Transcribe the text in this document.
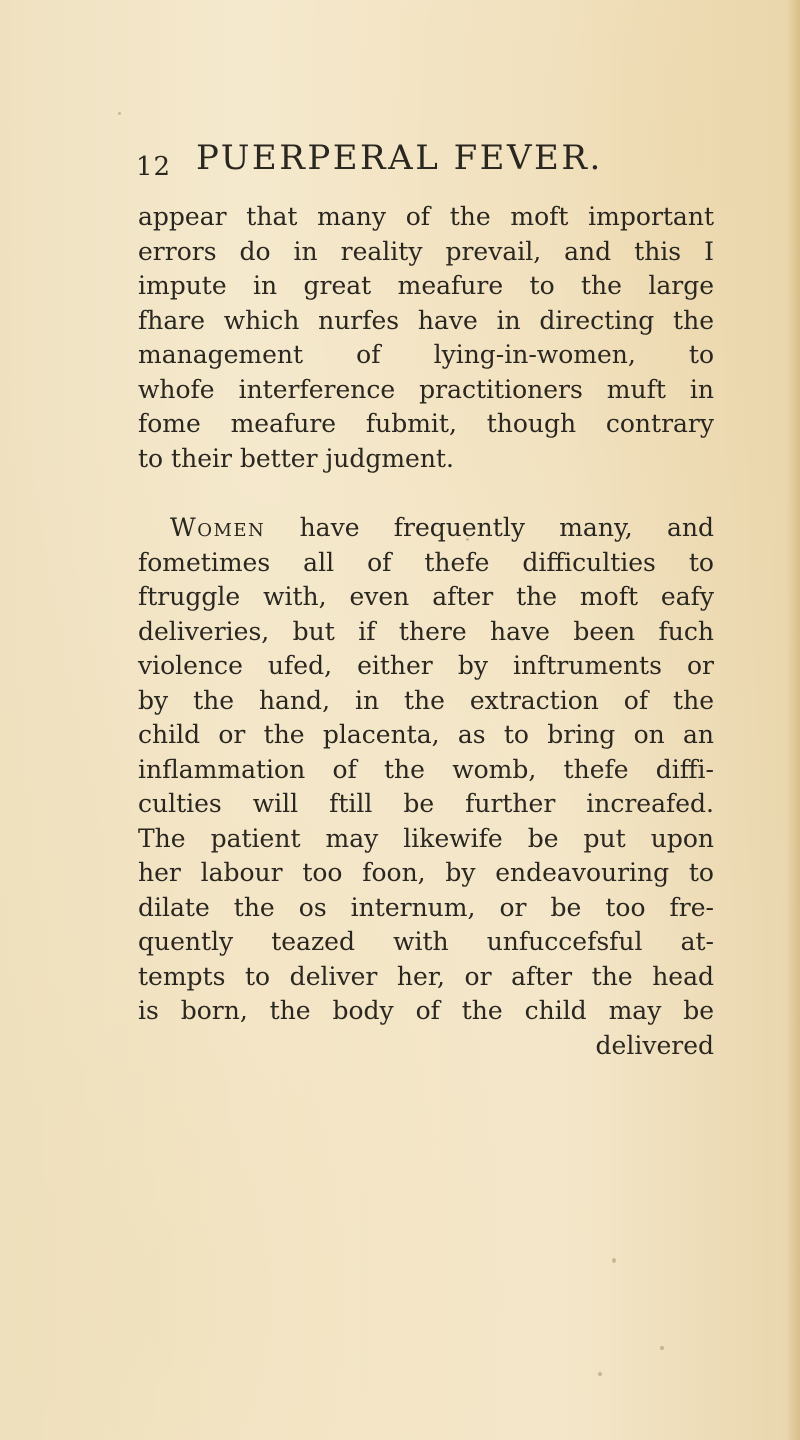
12 PUERPERAL FEVER.
appear that many of the moft important
errors do in reality prevail, and this I
impute in great meafure to the large
fhare which nurfes have in directing the
management of lying-in-women, to
whofe interference practitioners muft in
fome meafure fubmit, though contrary
to their better judgment.
Women have frequently many, and
fometimes all of thefe difficulties to
ftruggle with, even after the moft eafy
deliveries, but if there have been fuch
violence ufed, either by inftruments or
by the hand, in the extraction of the
child or the placenta, as to bring on an
inflammation of the womb, thefe diffi-
culties will ftill be further increafed.
The patient may likewife be put upon
her labour too foon, by endeavouring to
dilate the os internum, or be too fre-
quently teazed with unfuccefsful at-
tempts to deliver her, or after the head
is born, the body of the child may be
delivered
